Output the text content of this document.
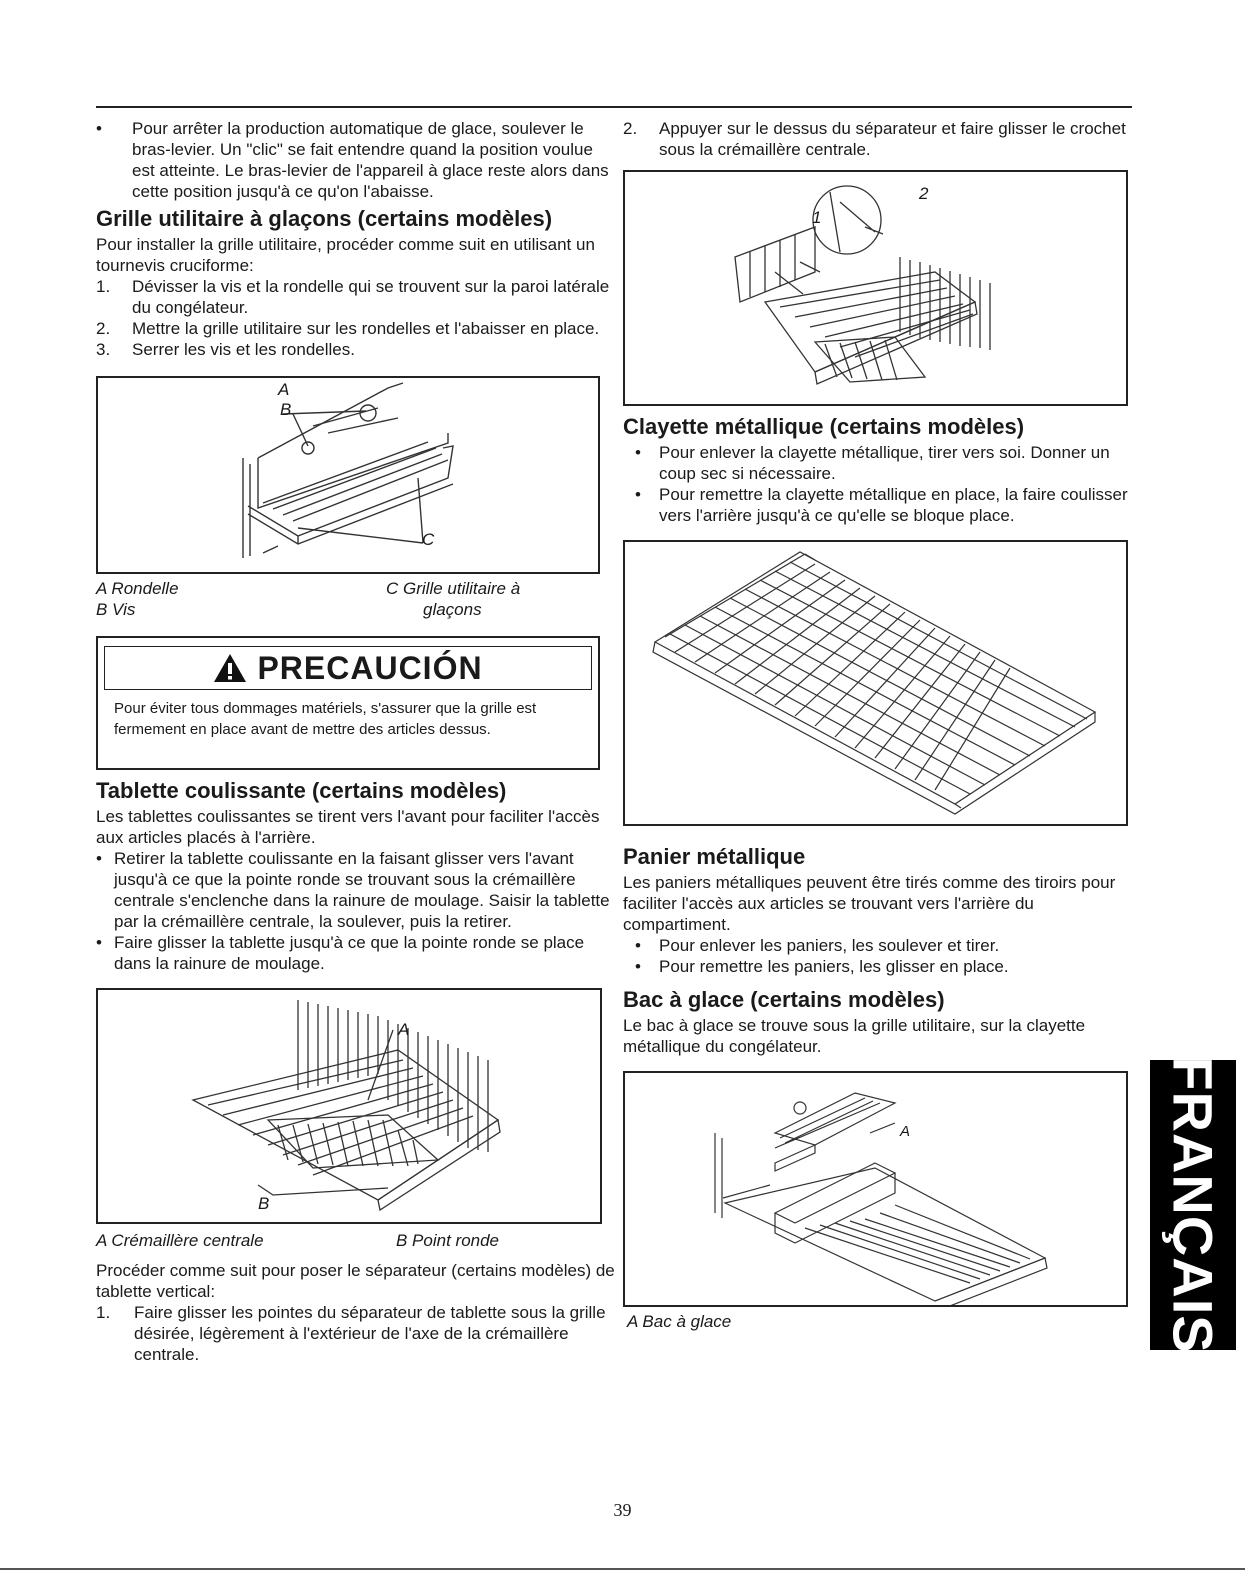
• Pour arrêter la production automatique de glace, soulever le bras-levier. Un "clic" se fait entendre quand la position voulue est atteinte. Le bras-levier de l'appareil à glace reste alors dans cette position jusqu'à ce qu'on l'abaisse.

Grille utilitaire à glaçons (certains modèles)

Pour installer la grille utilitaire, procéder comme suit en utilisant un tournevis cruciforme:

1. Dévisser la vis et la rondelle qui se trouvent sur la paroi latérale du congélateur.

2. Mettre la grille utilitaire sur les rondelles et l'abaisser en place.

3. Serrer les vis et les rondelles.

A
B
C
A Rondelle
B Vis
C Grille utilitaire à
glaçons
PRECAUCIÓN
Pour éviter tous dommages matériels, s'assurer que la grille est fermement en place avant de mettre des articles dessus.
Tablette coulissante (certains modèles)

Les tablettes coulissantes se tirent vers l'avant pour faciliter l'accès aux articles placés à l'arrière.

• Retirer la tablette coulissante en la faisant glisser vers l'avant jusqu'à ce que la pointe ronde se trouvant sous la crémaillère centrale s'enclenche dans la rainure de moulage. Saisir la tablette par la crémaillère centrale, la soulever, puis la retirer.

• Faire glisser la tablette jusqu'à ce que la pointe ronde se place dans la rainure de moulage.

A
B
A Crémaillère centrale	B Point ronde

Procéder comme suit pour poser le séparateur (certains modèles) de tablette vertical:

1. Faire glisser les pointes du séparateur de tablette sous la grille désirée, légèrement à l'extérieur de l'axe de la crémaillère centrale.

2. Appuyer sur le dessus du séparateur et faire glisser le crochet sous la crémaillère centrale.

1
2
Clayette métallique (certains modèles)

• Pour enlever la clayette métallique, tirer vers soi. Donner un coup sec si nécessaire.

• Pour remettre la clayette métallique en place, la faire coulisser vers l'arrière jusqu'à ce qu'elle se bloque place.

Panier métallique

Les paniers métalliques peuvent être tirés comme des tiroirs pour faciliter l'accès aux articles se trouvant vers l'arrière du compartiment.

• Pour enlever les paniers, les soulever et tirer.

• Pour remettre les paniers, les glisser en place.

Bac à glace (certains modèles)

Le bac à glace se trouve sous la grille utilitaire, sur la clayette métallique du congélateur.

A
A Bac à glace	FRANÇAIS
39
